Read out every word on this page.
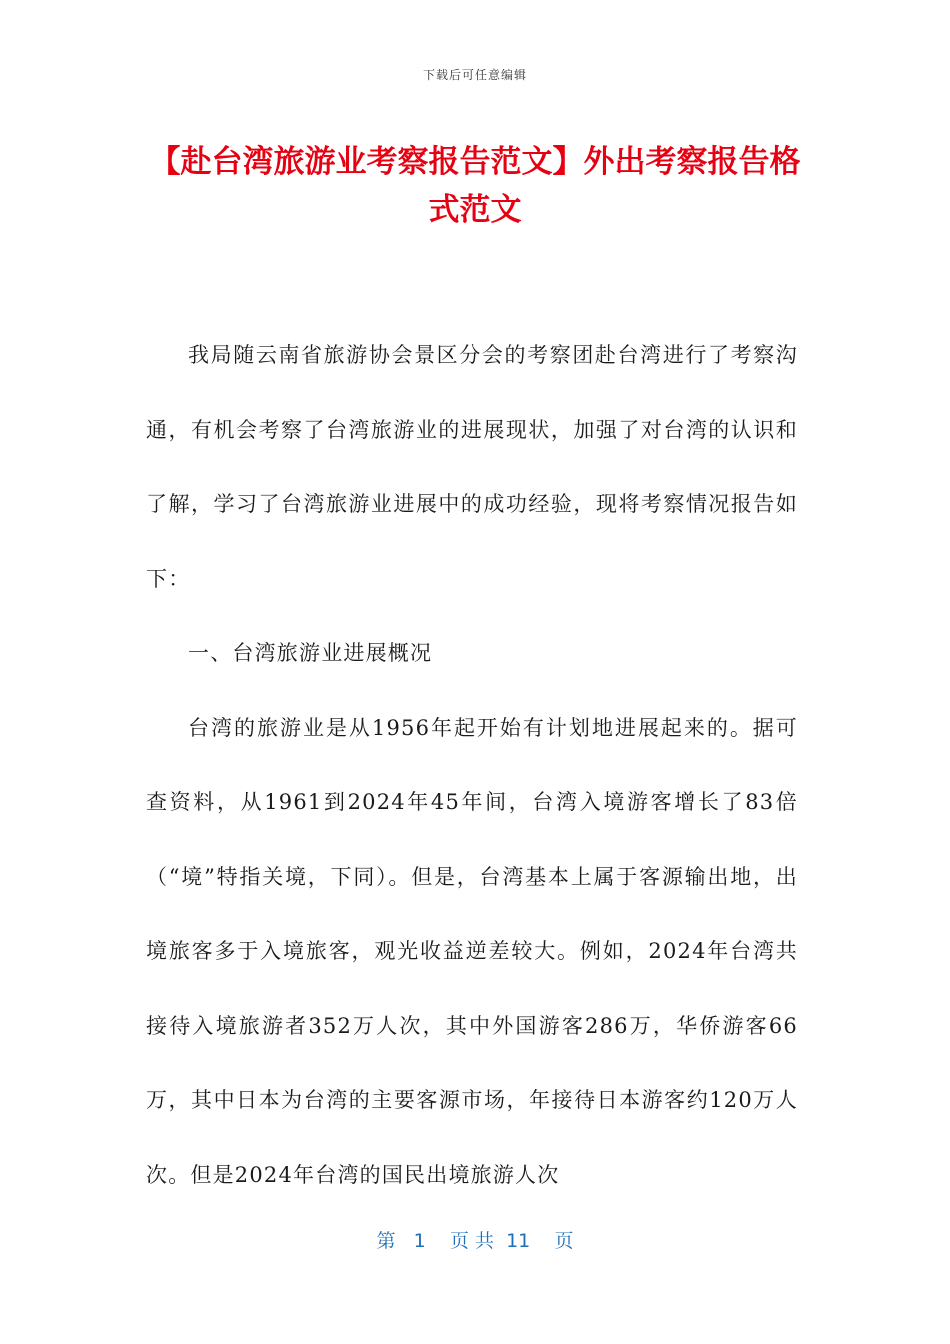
下载后可任意编辑
【赴台湾旅游业考察报告范文】外出考察报告格式范文

我局随云南省旅游协会景区分会的考察团赴台湾进行了考察沟通，有机会考察了台湾旅游业的进展现状，加强了对台湾的认识和了解，学习了台湾旅游业进展中的成功经验，现将考察情况报告如下：

一、台湾旅游业进展概况

台湾的旅游业是从1956年起开始有计划地进展起来的。据可查资料，从1961到2024年45年间，台湾入境游客增长了83倍（“境”特指关境，下同）。但是，台湾基本上属于客源输出地，出境旅客多于入境旅客，观光收益逆差较大。例如，2024年台湾共接待入境旅游者352万人次，其中外国游客286万，华侨游客66万，其中日本为台湾的主要客源市场，年接待日本游客约120万人次。但是2024年台湾的国民出境旅游人次

第 1 页 共 11 页
